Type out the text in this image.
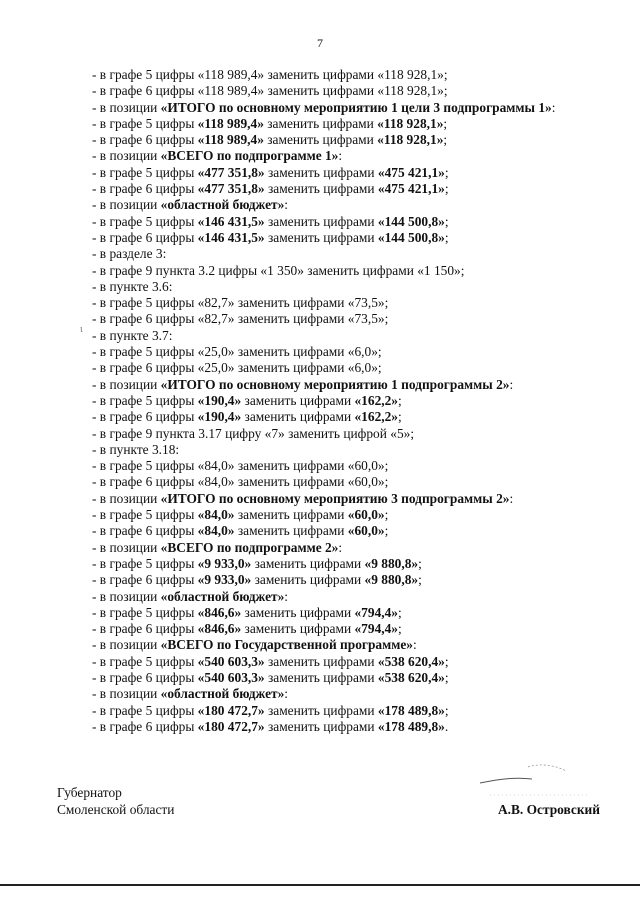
7
- в графе 5 цифры «118 989,4» заменить цифрами «118 928,1»;
- в графе 6 цифры «118 989,4» заменить цифрами «118 928,1»;
- в позиции «ИТОГО по основному мероприятию 1 цели 3 подпрограммы 1»:
- в графе 5 цифры «118 989,4» заменить цифрами «118 928,1»;
- в графе 6 цифры «118 989,4» заменить цифрами «118 928,1»;
- в позиции «ВСЕГО по подпрограмме 1»:
- в графе 5 цифры «477 351,8» заменить цифрами «475 421,1»;
- в графе 6 цифры «477 351,8» заменить цифрами «475 421,1»;
- в позиции «областной бюджет»:
- в графе 5 цифры «146 431,5» заменить цифрами «144 500,8»;
- в графе 6 цифры «146 431,5» заменить цифрами «144 500,8»;
- в разделе 3:
- в графе 9 пункта 3.2 цифры «1 350» заменить цифрами «1 150»;
- в пункте 3.6:
- в графе 5 цифры «82,7» заменить цифрами «73,5»;
- в графе 6 цифры «82,7» заменить цифрами «73,5»;
- в пункте 3.7:
- в графе 5 цифры «25,0» заменить цифрами «6,0»;
- в графе 6 цифры «25,0» заменить цифрами «6,0»;
- в позиции «ИТОГО по основному мероприятию 1 подпрограммы 2»:
- в графе 5 цифры «190,4» заменить цифрами «162,2»;
- в графе 6 цифры «190,4» заменить цифрами «162,2»;
- в графе 9 пункта 3.17 цифру «7» заменить цифрой «5»;
- в пункте 3.18:
- в графе 5 цифры «84,0» заменить цифрами «60,0»;
- в графе 6 цифры «84,0» заменить цифрами «60,0»;
- в позиции «ИТОГО по основному мероприятию 3 подпрограммы 2»:
- в графе 5 цифры «84,0» заменить цифрами «60,0»;
- в графе 6 цифры «84,0» заменить цифрами «60,0»;
- в позиции «ВСЕГО по подпрограмме 2»:
- в графе 5 цифры «9 933,0» заменить цифрами «9 880,8»;
- в графе 6 цифры «9 933,0» заменить цифрами «9 880,8»;
- в позиции «областной бюджет»:
- в графе 5 цифры «846,6» заменить цифрами «794,4»;
- в графе 6 цифры «846,6» заменить цифрами «794,4»;
- в позиции «ВСЕГО по Государственной программе»:
- в графе 5 цифры «540 603,3» заменить цифрами «538 620,4»;
- в графе 6 цифры «540 603,3» заменить цифрами «538 620,4»;
- в позиции «областной бюджет»:
- в графе 5 цифры «180 472,7» заменить цифрами «178 489,8»;
- в графе 6 цифры «180 472,7» заменить цифрами «178 489,8».
ι
Губернатор
Смоленской области	А.В. Островский
